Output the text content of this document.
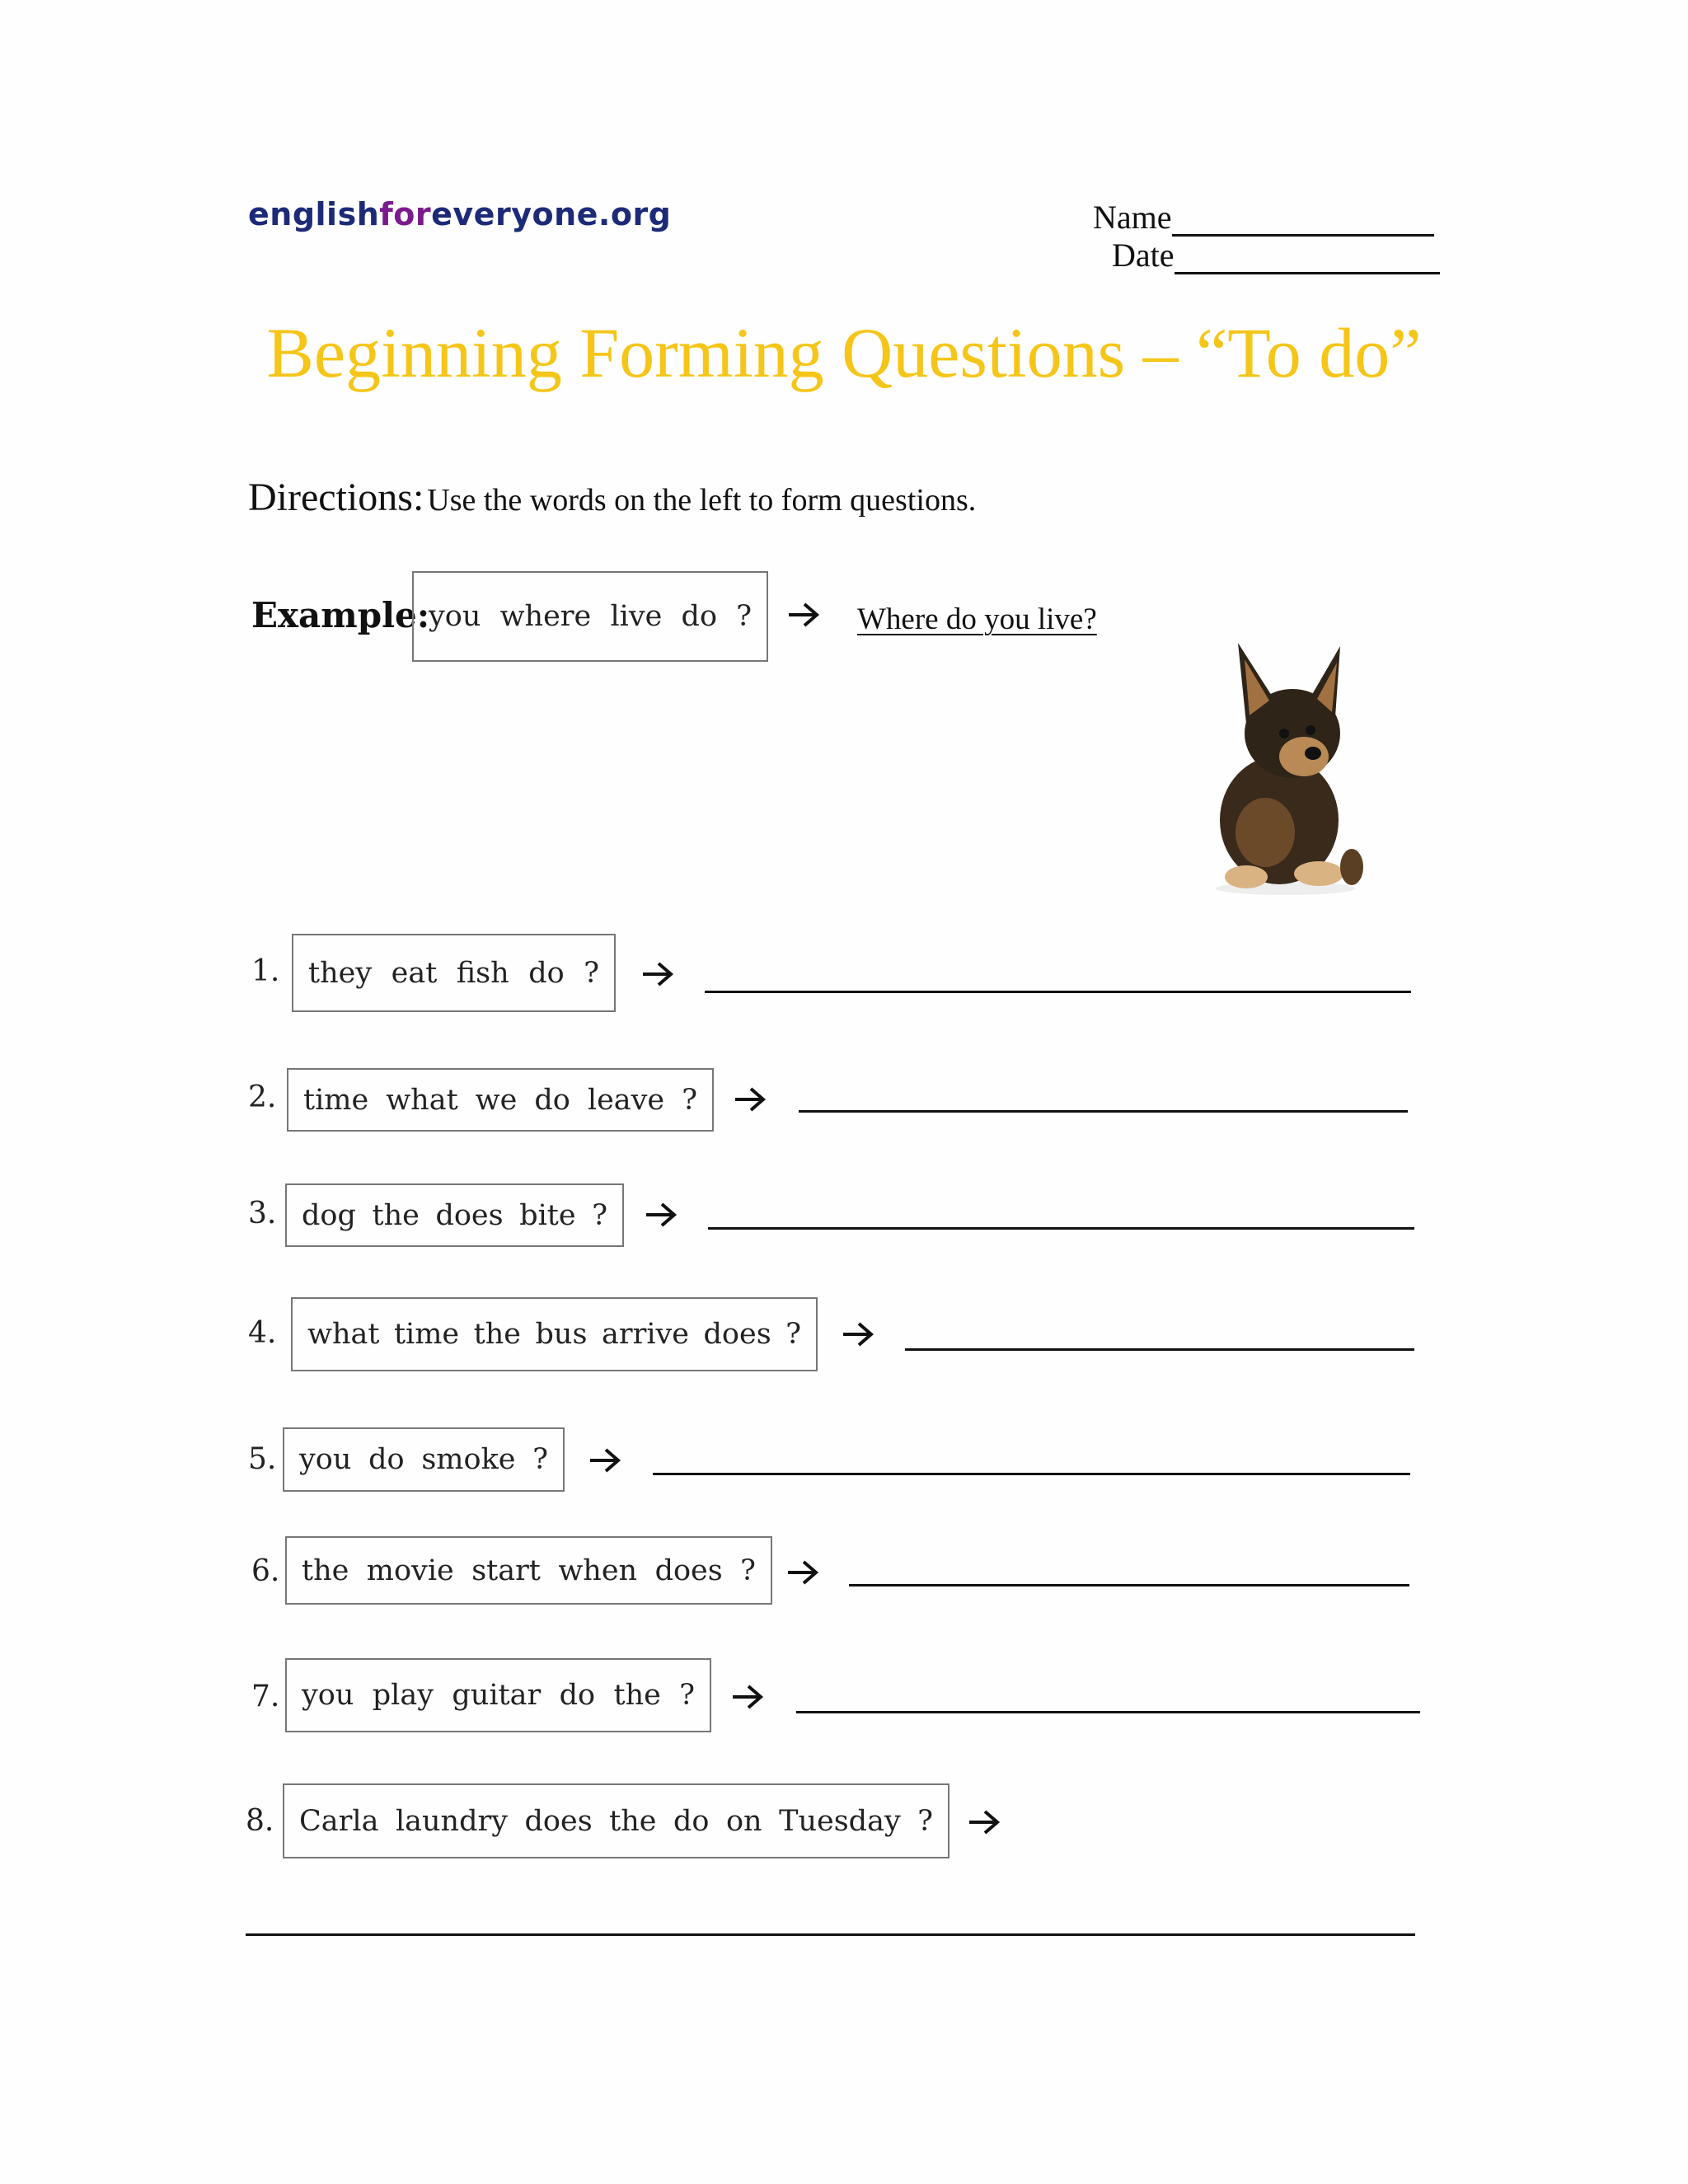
englishforeveryone.org	Name
Date
Beginning Forming Questions – “To do”
Directions: Use the words on the left to form questions.
Example:
you where live do ?	Where do you live?
1. they eat fish do ?
2. time what we do leave ?
3. dog the does bite ?
4. what time the bus arrive does ?
5. you do smoke ?
6. the movie start when does ?
7. you play guitar do the ?
8. Carla laundry does the do on Tuesday ?
